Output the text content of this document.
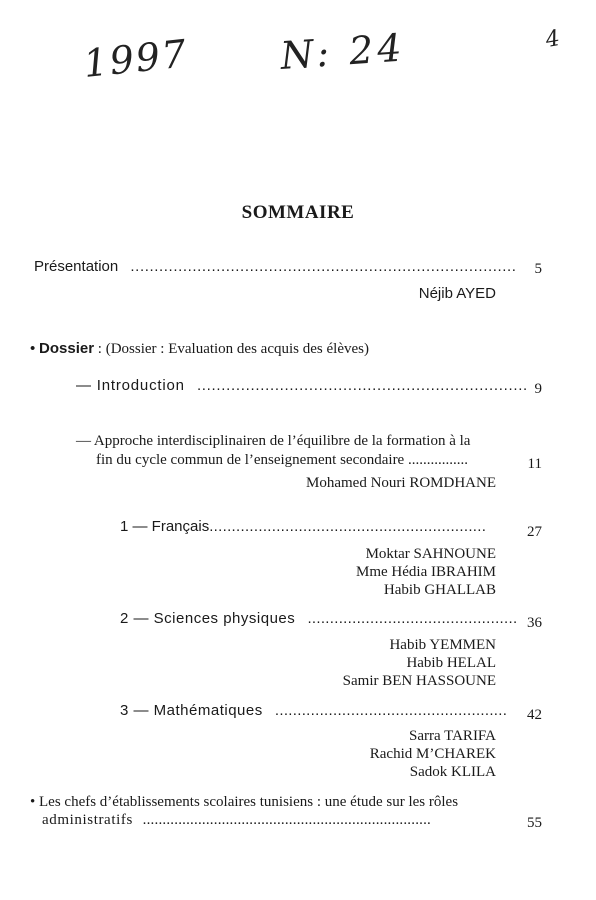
1997 N: 24	4
SOMMAIRE
Présentation .................................................................................	5
Néjib AYED
• Dossier : (Dossier : Evaluation des acquis des élèves)
— Introduction .................................................................... 9
— Approche interdisciplinairen de l’équilibre de la formation à la
fin du cycle commun de l’enseignement secondaire ................	11
Mohamed Nouri ROMDHANE
1 — Français..............................................................	27
Moktar SAHNOUNE
Mme Hédia IBRAHIM
Habib GHALLAB
2 — Sciences physiques ............................................... 36
Habib YEMMEN
Habib HELAL
Samir BEN HASSOUNE
3 — Mathématiques ....................................................	42
Sarra TARIFA
Rachid M’CHAREK
Sadok KLILA
• Les chefs d’établissements scolaires tunisiens : une étude sur les rôles
administratifs .........................................................................	55
